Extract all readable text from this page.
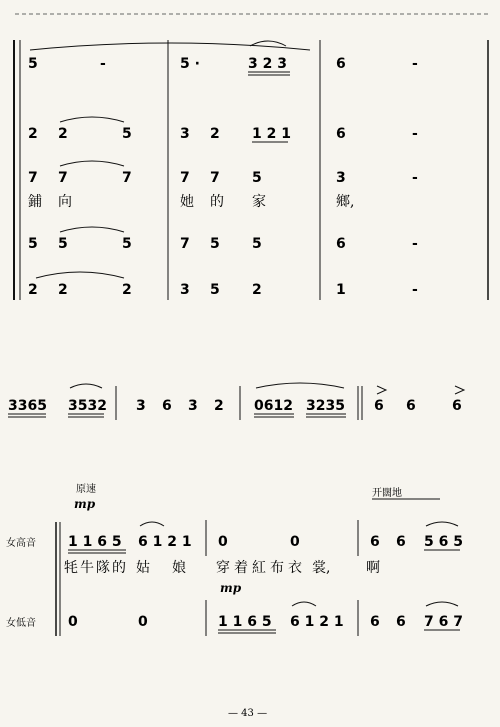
5	-	5 ·	3 2 3	6	-
2 2	5	3 2 1 2 1	6	-
7 7	7	7 7 5	3	-
鋪 向	她 的 家	鄉,
5 5	5	7 5 5	6	-
2 2	2	3 5 2	1	-
3365 3532 3 6 3 2 0612 3235 6 6	6
原速
mp
开闊地
女高音
女低音
1 1 6 5 6 1 2 1 0	0	6 6 5 6 5
牦 牛 隊 的 姑 娘 穿 着 紅 布 衣 裳,	啊
mp
0	0	1 1 6 5 6 1 2 1 6 6 7 6 7
— 43 —
